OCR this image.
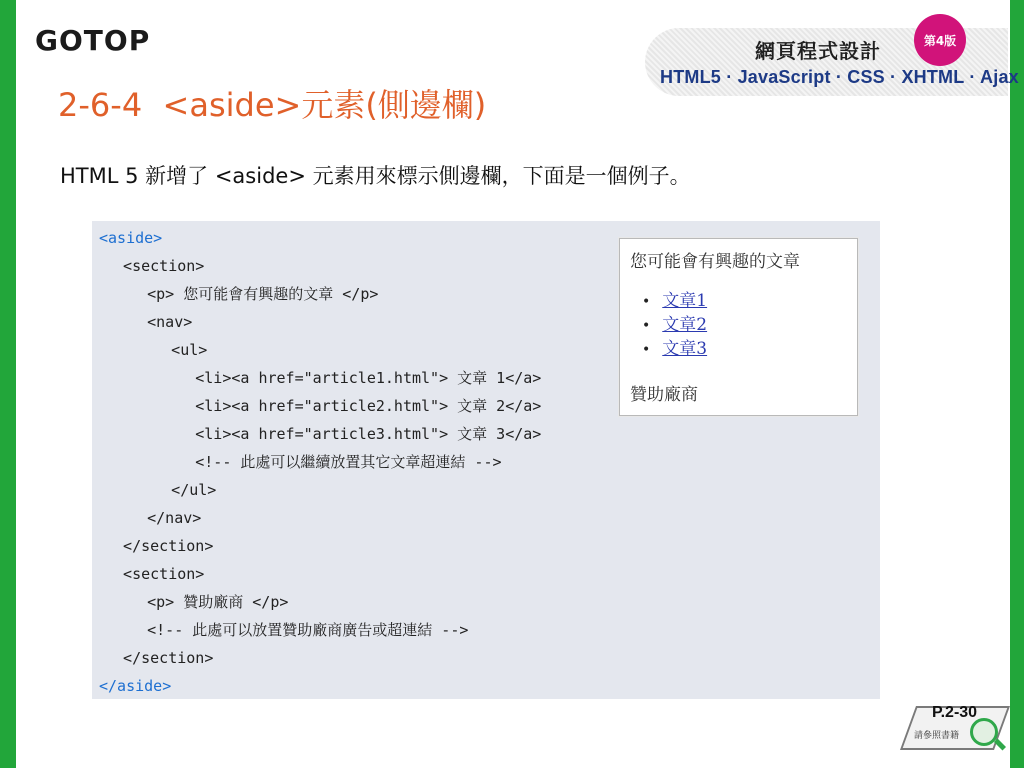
GOTOP	網頁程式設計
HTML5 · JavaScript · CSS · XHTML · Ajax
第4版
2-6-4  <aside>元素(側邊欄)
HTML 5 新增了 <aside> 元素用來標示側邊欄，下面是一個例子。
<aside>
<section>
<p> 您可能會有興趣的文章 </p>
<nav>
<ul>
<li><a href="article1.html"> 文章 1</a>
<li><a href="article2.html"> 文章 2</a>
<li><a href="article3.html"> 文章 3</a>
<!-- 此處可以繼續放置其它文章超連結 -->
</ul>
</nav>
</section>
<section>
<p> 贊助廠商 </p>
<!-- 此處可以放置贊助廠商廣告或超連結 -->
</section>
</aside>
您可能會有興趣的文章
• 文章1
• 文章2
• 文章3
贊助廠商
P.2-30
請參照書籍
